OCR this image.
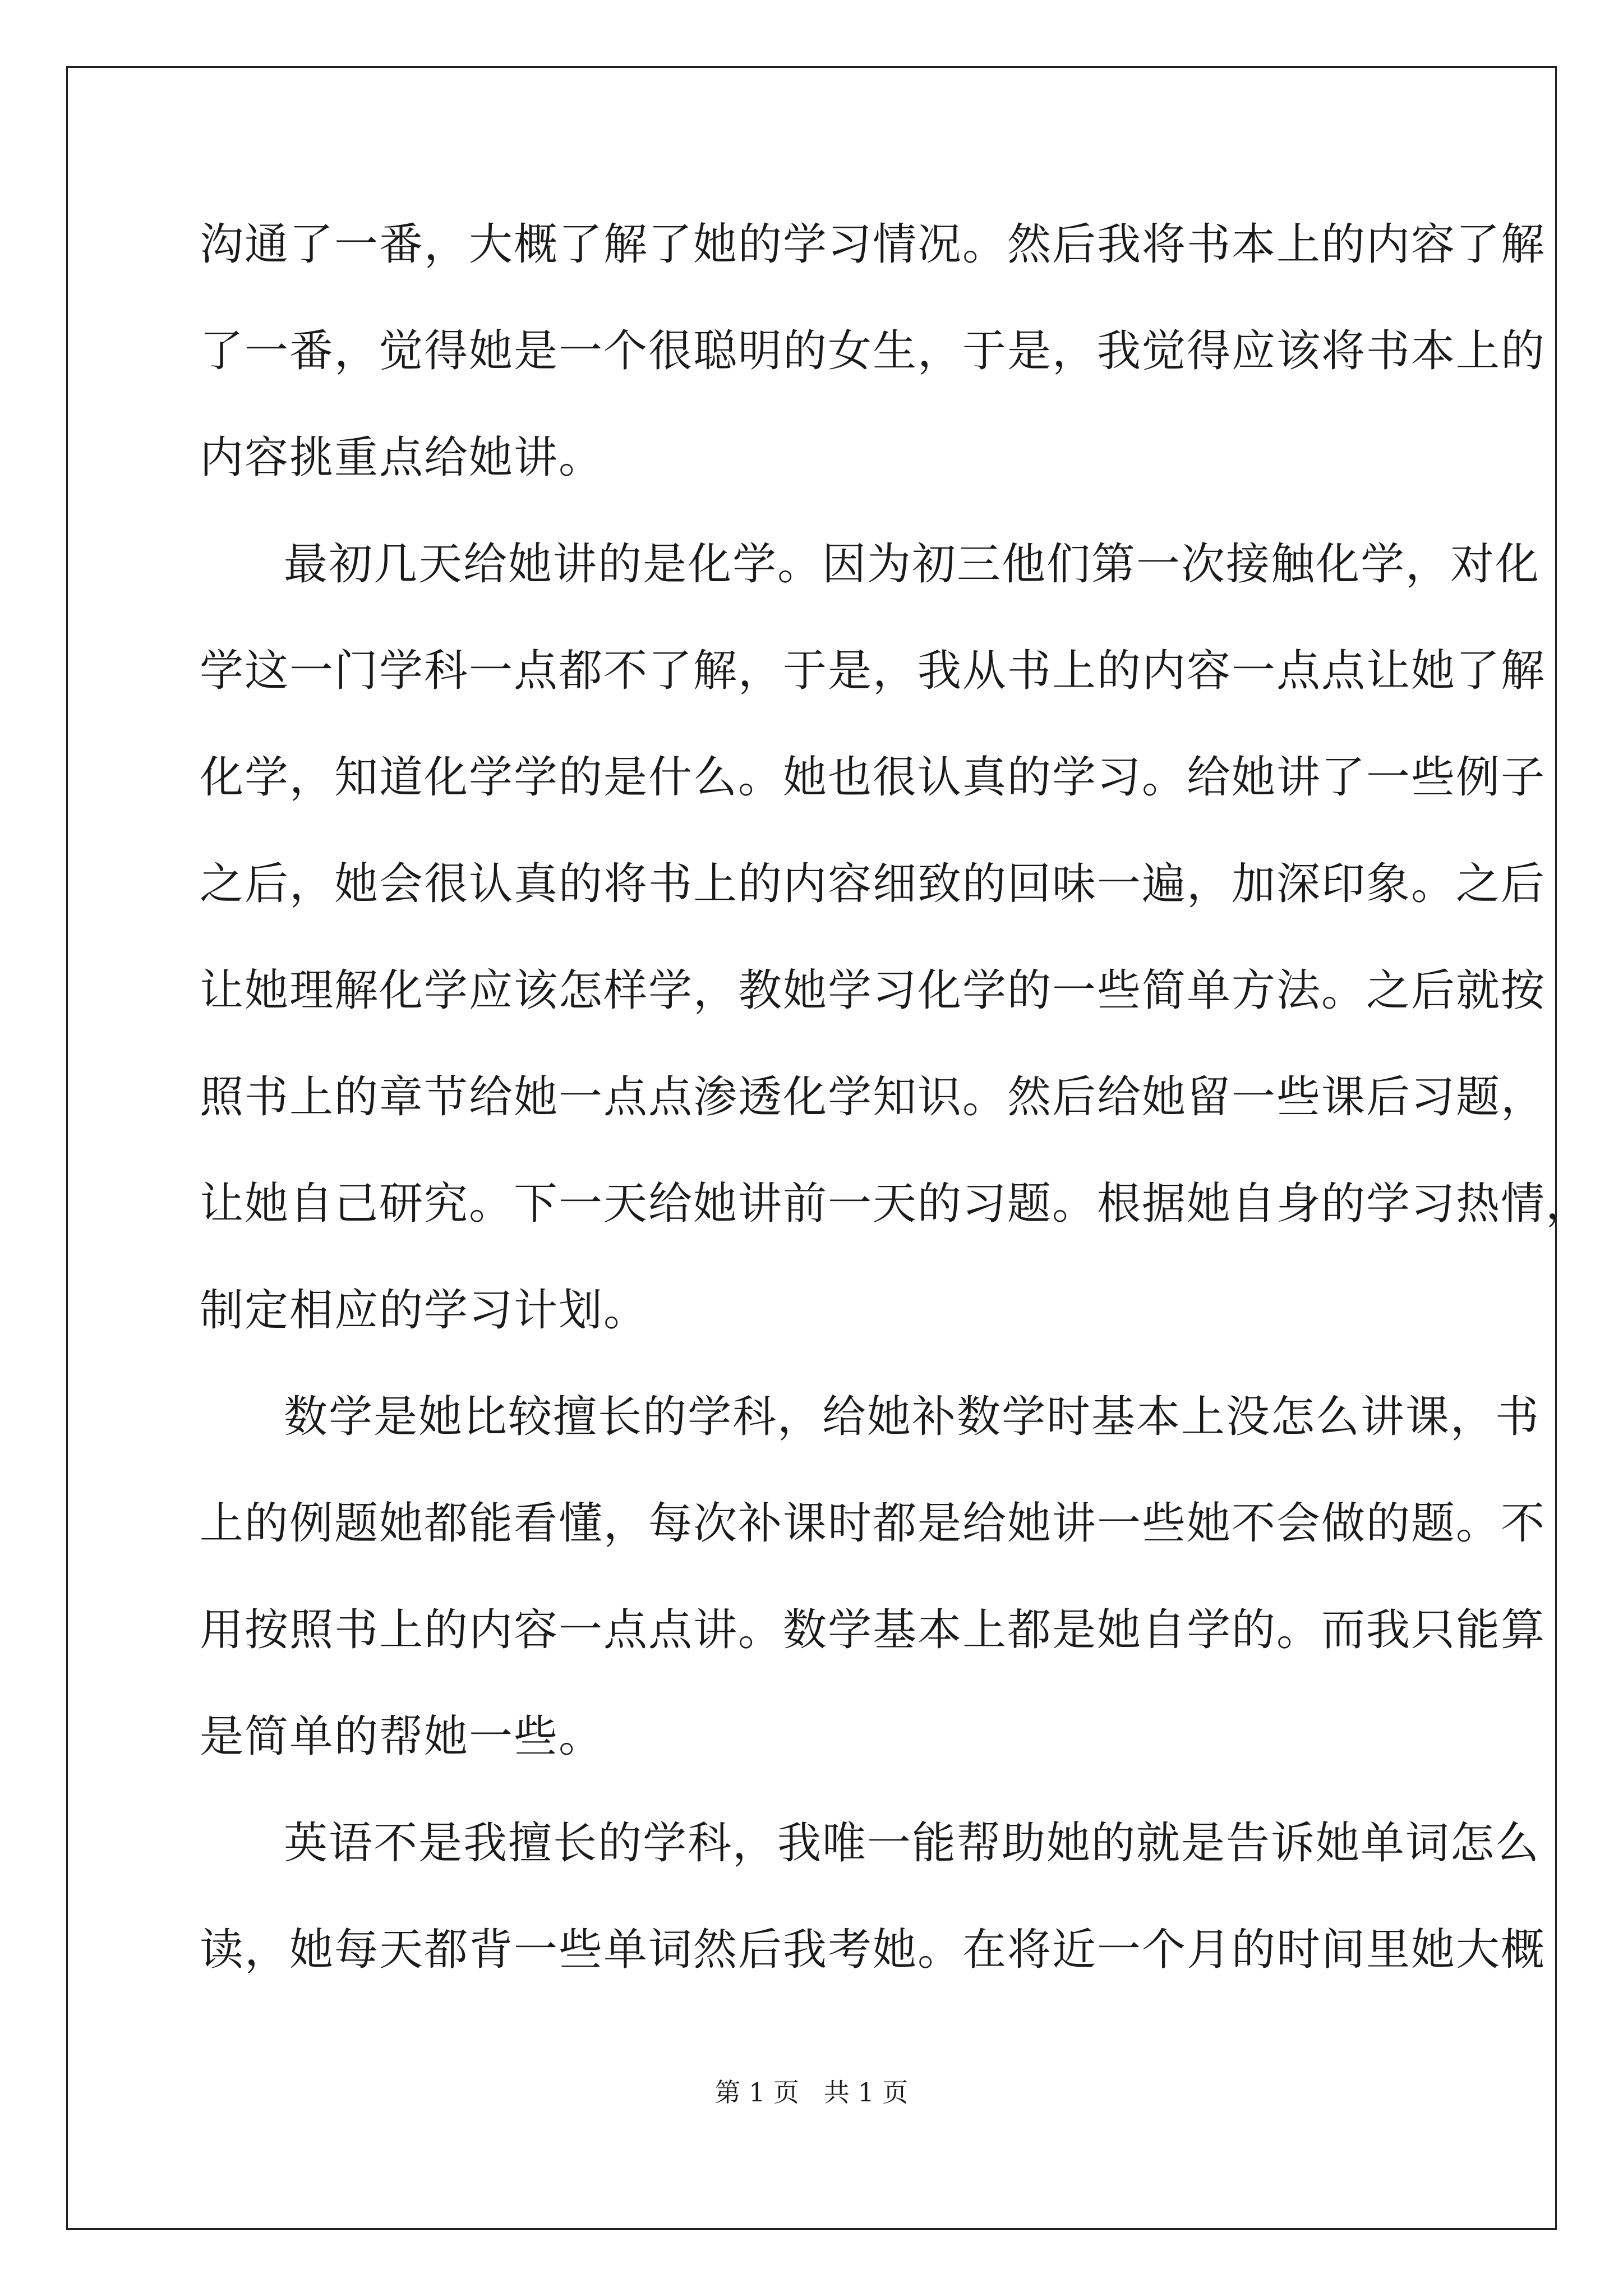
沟通了一番，大概了解了她的学习情况。然后我将书本上的内容了解
了一番，觉得她是一个很聪明的女生，于是，我觉得应该将书本上的
内容挑重点给她讲。
最初几天给她讲的是化学。因为初三他们第一次接触化学，对化
学这一门学科一点都不了解，于是，我从书上的内容一点点让她了解
化学，知道化学学的是什么。她也很认真的学习。给她讲了一些例子
之后，她会很认真的将书上的内容细致的回味一遍，加深印象。之后
让她理解化学应该怎样学，教她学习化学的一些简单方法。之后就按
照书上的章节给她一点点渗透化学知识。然后给她留一些课后习题，
让她自己研究。下一天给她讲前一天的习题。根据她自身的学习热情，
制定相应的学习计划。
数学是她比较擅长的学科，给她补数学时基本上没怎么讲课，书
上的例题她都能看懂，每次补课时都是给她讲一些她不会做的题。不
用按照书上的内容一点点讲。数学基本上都是她自学的。而我只能算
是简单的帮她一些。
英语不是我擅长的学科，我唯一能帮助她的就是告诉她单词怎么
读，她每天都背一些单词然后我考她。在将近一个月的时间里她大概
第 1 页   共 1 页
